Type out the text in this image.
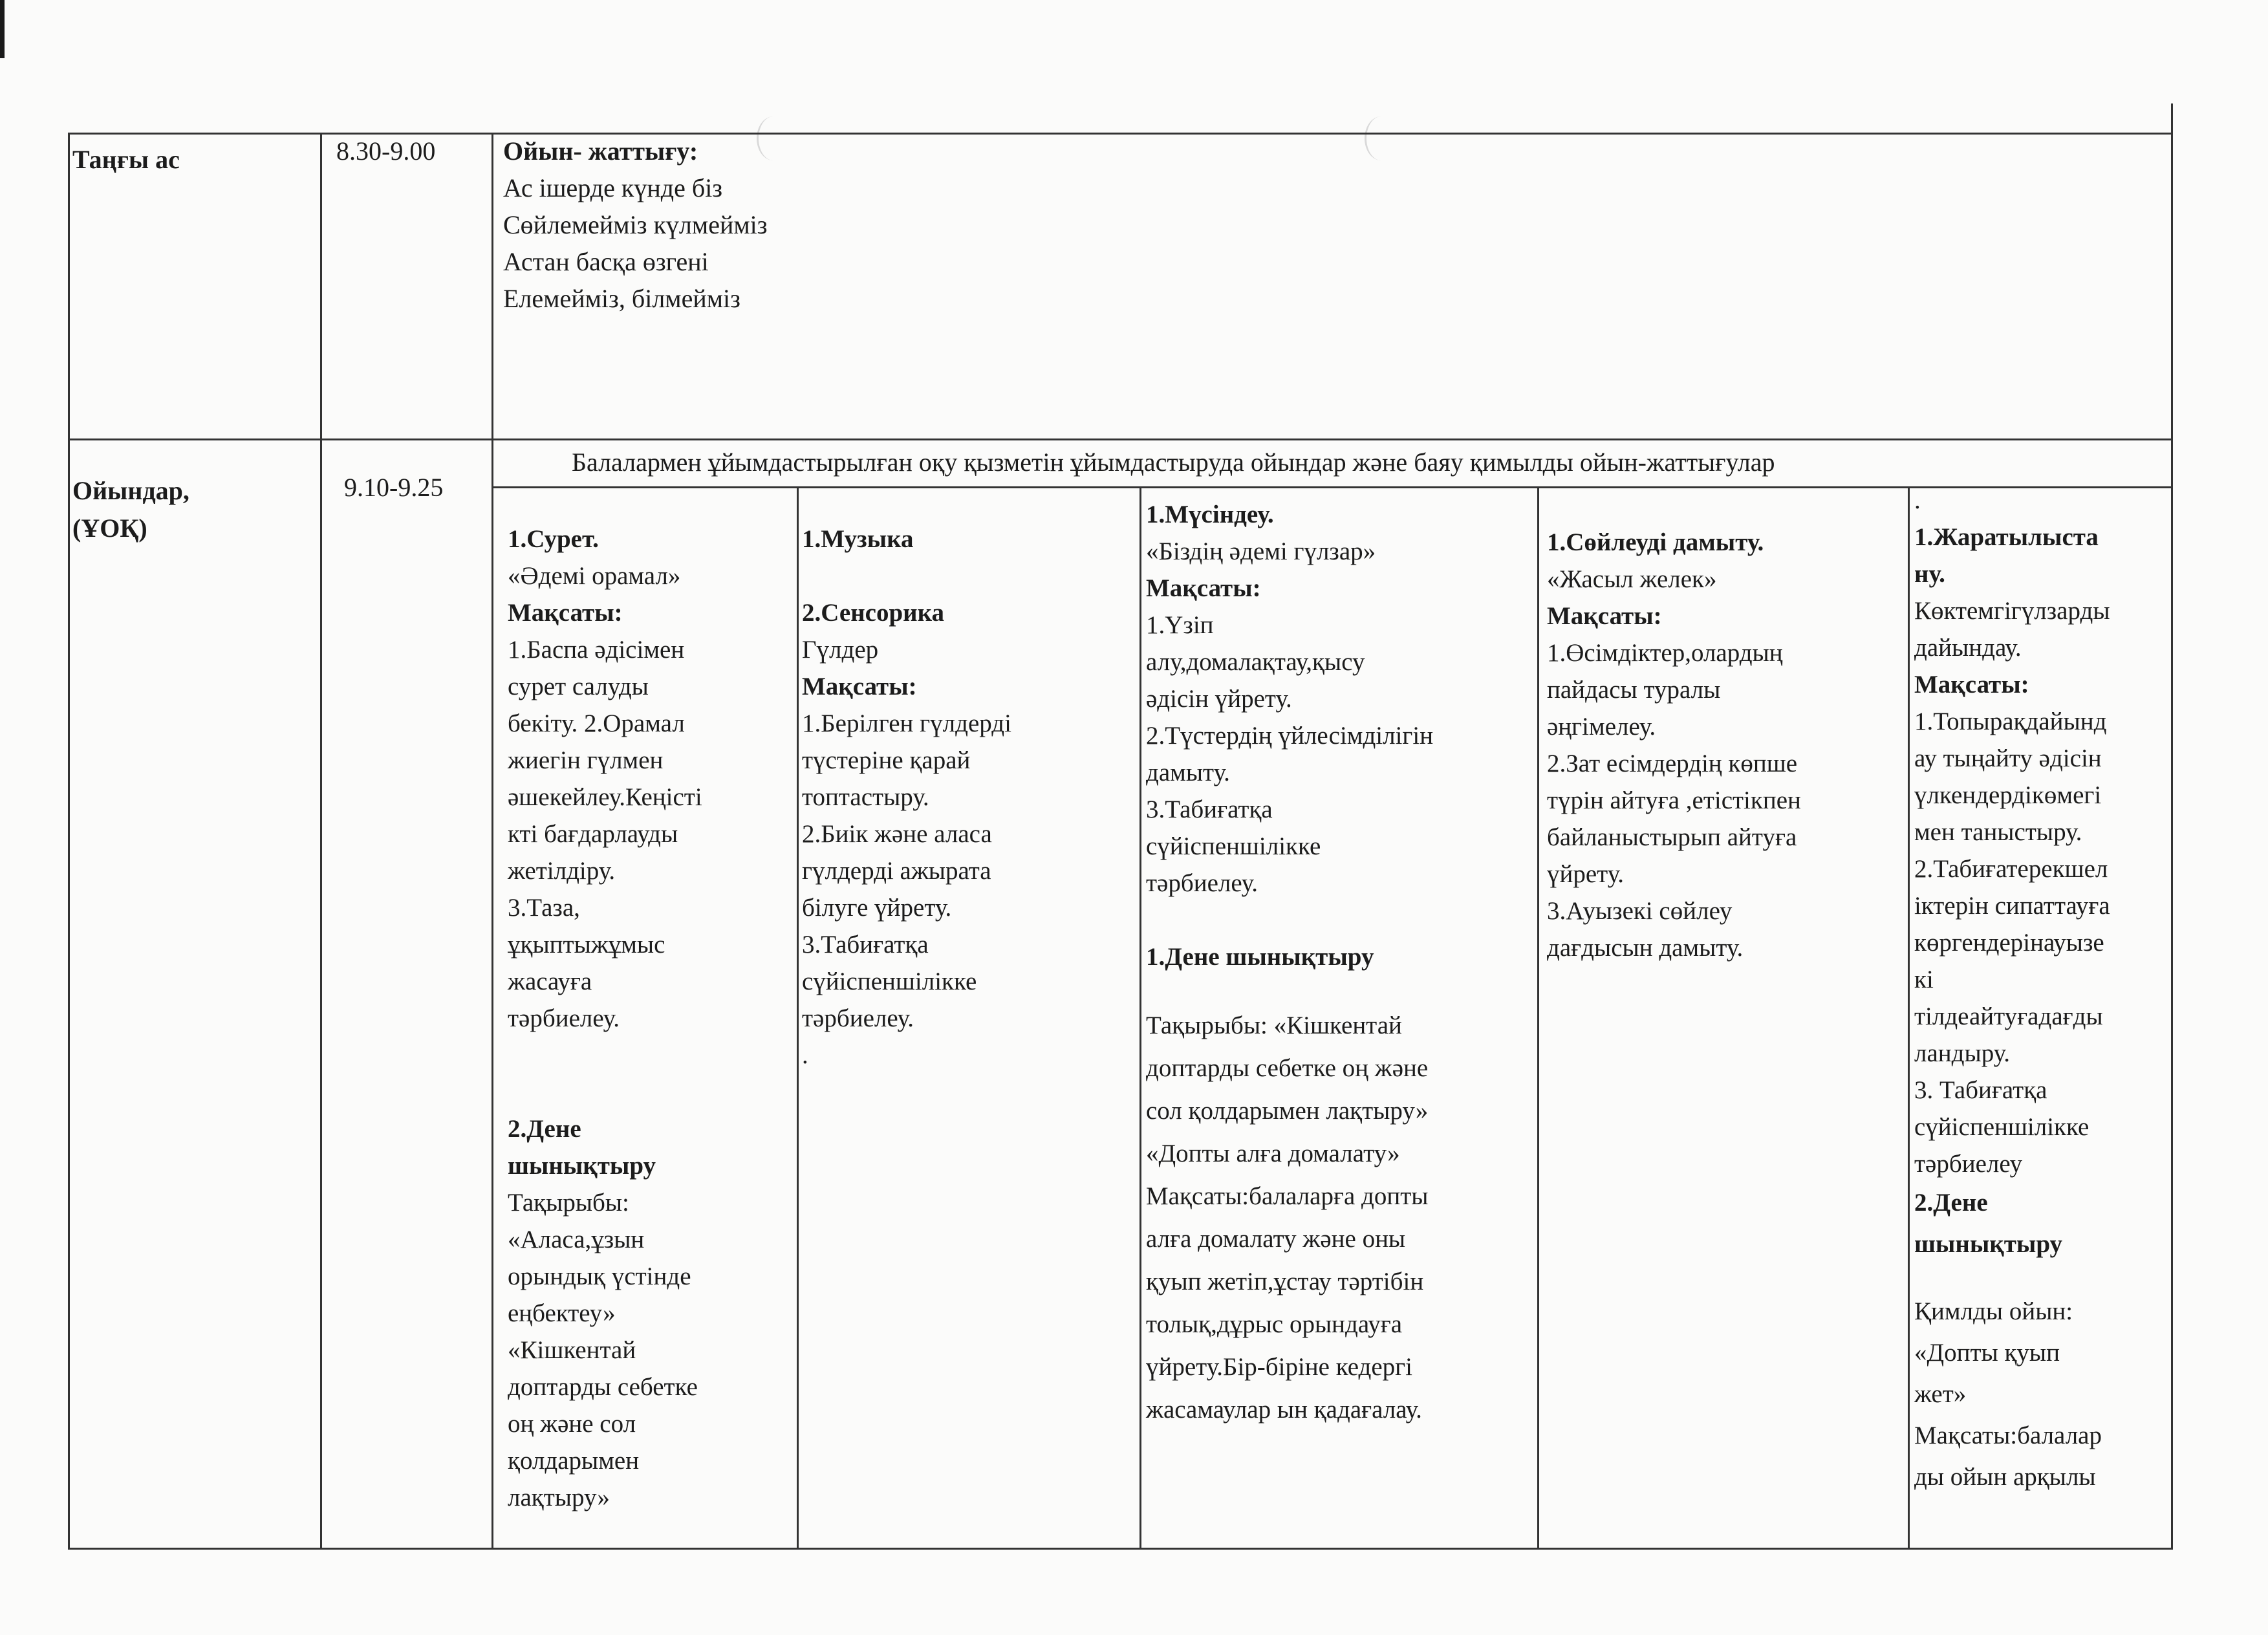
Таңғы ас	8.30-9.00	Ойын- жаттығу:
Ас ішерде күнде біз
Сөйлемейміз күлмейміз
Астан басқа өзгені
Елемейміз, білмейміз
Ойындар,
(ҰОҚ)
9.10-9.25
Балалармен ұйымдастырылған оқу қызметін ұйымдастыруда ойындар және баяу қимылды ойын-жаттығулар
1.Сурет.
«Әдемі орамал»
Мақсаты:
1.Баспа әдісімен
сурет салуды
бекіту. 2.Орамал
жиегін гүлмен
әшекейлеу.Кеңісті
кті бағдарлауды
жетілдіру.
3.Таза,
ұқыптыжұмыс
жасауға
тәрбиелеу.
2.Дене
шынықтыру
Тақырыбы:
«Аласа,ұзын
орындық үстінде
еңбектеу»
«Кішкентай
доптарды себетке
оң және сол
қолдарымен
лақтыру»
1.Музыка
2.Сенсорика
Гүлдер
Мақсаты:
1.Берілген гүлдерді
түстеріне қарай
топтастыру.
2.Биік және аласа
гүлдерді ажырата
білуге үйрету.
3.Табиғатқа
сүйіспеншілікке
тәрбиелеу.
.
1.Мүсіндеу.
«Біздің әдемі гүлзар»
Мақсаты:
1.Үзіп
алу,домалақтау,қысу
әдісін үйрету.
2.Түстердің үйлесімділігін
дамыту.
3.Табиғатқа
сүйіспеншілікке
тәрбиелеу.
1.Дене шынықтыру
Тақырыбы: «Кішкентай
доптарды себетке оң және
сол қолдарымен лақтыру»
«Допты алға домалату»
Мақсаты:балаларға допты
алға домалату және оны
қуып жетіп,ұстау тәртібін
толық,дұрыс орындауға
үйрету.Бір-біріне кедергі
жасамаулар ын қадағалау.
1.Сөйлеуді дамыту.
«Жасыл желек»
Мақсаты:
1.Өсімдіктер,олардың
пайдасы туралы
әңгімелеу.
2.Зат есімдердің көпше
түрін айтуға ,етістікпен
байланыстырып айтуға
үйрету.
3.Ауызекі сөйлеу
дағдысын дамыту.
.
1.Жаратылыста
ну.
Көктемгігүлзарды
дайындау.
Мақсаты:
1.Топырақдайынд
ау тыңайту әдісін
үлкендердікөмегі
мен таныстыру.
2.Табиғатерекшел
іктерін сипаттауға
көргендерінауызе
кі
тілдеайтуғадағды
ландыру.
3. Табиғатқа
сүйіспеншілікке
тәрбиелеу
2.Дене
шынықтыру
Қимлды ойын:
«Допты қуып
жет»
Мақсаты:балалар
ды ойын арқылы
